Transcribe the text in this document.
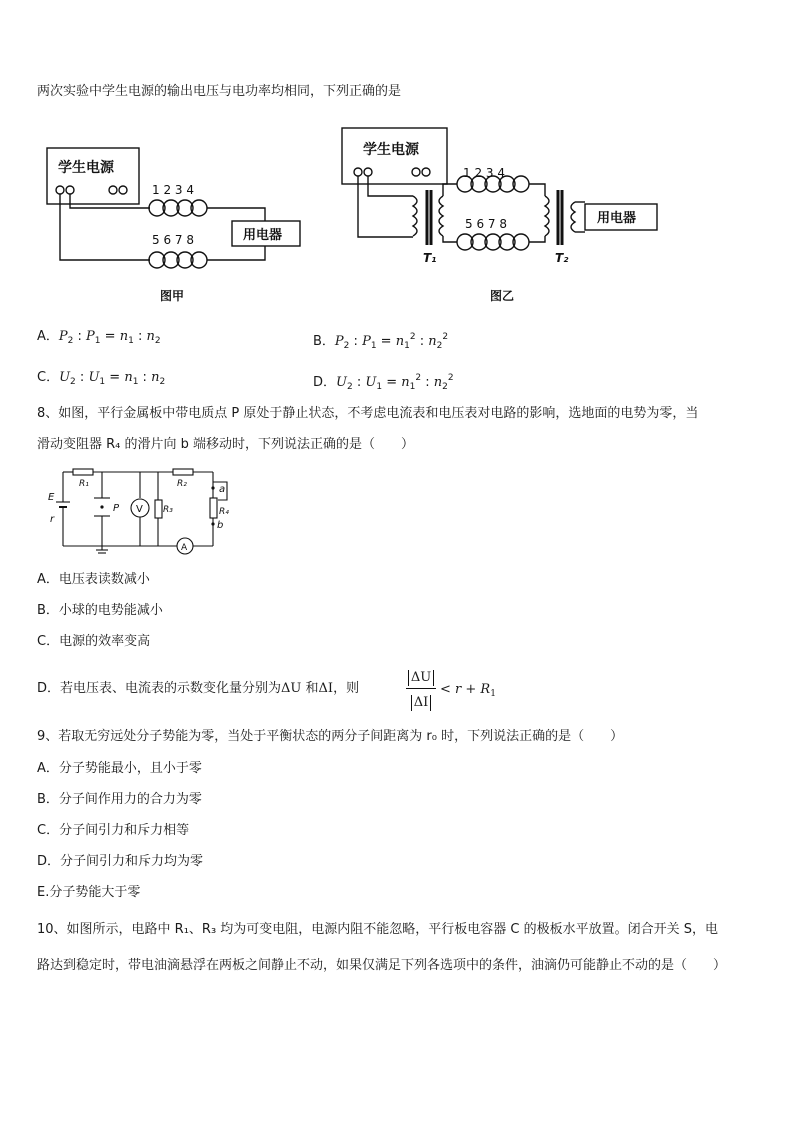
两次实验中学生电源的输出电压与电功率均相同，下列正确的是
学生电源
1 2 3 4
5 6 7 8	用电器
图甲
学生电源
1 2 3 4
5 6 7 8	用电器
T₁	T₂
图乙
A．$P_2$ : $P_1 = n_1$ : $n_2$	B．$P_2$ : $P_1 = n_1^2$ : $n_2^2$
C．$U_2$ : $U_1 = n_1$ : $n_2$	D．$U_2$ : $U_1 = n_1^2$ : $n_2^2$
8、如图，平行金属板中带电质点 P 原处于静止状态，不考虑电流表和电压表对电路的影响，选地面的电势为零，当
滑动变阻器 R₄ 的滑片向 b 端移动时，下列说法正确的是（　　）
E
r
R₁	R₂
R₃	R₄
P V
A
a
b
A．电压表读数减小
B．小球的电势能减小
C．电源的效率变高
D．若电压表、电流表的示数变化量分别为ΔU 和ΔI，则
ΔU
ΔI
< $r + R_1$
9、若取无穷远处分子势能为零，当处于平衡状态的两分子间距离为 r₀ 时，下列说法正确的是（　　）
A．分子势能最小，且小于零
B．分子间作用力的合力为零
C．分子间引力和斥力相等
D．分子间引力和斥力均为零
E.分子势能大于零
10、如图所示，电路中 R₁、R₃ 均为可变电阻，电源内阻不能忽略，平行板电容器 C 的极板水平放置。闭合开关 S，电
路达到稳定时，带电油滴悬浮在两板之间静止不动，如果仅满足下列各选项中的条件，油滴仍可能静止不动的是（　　）
